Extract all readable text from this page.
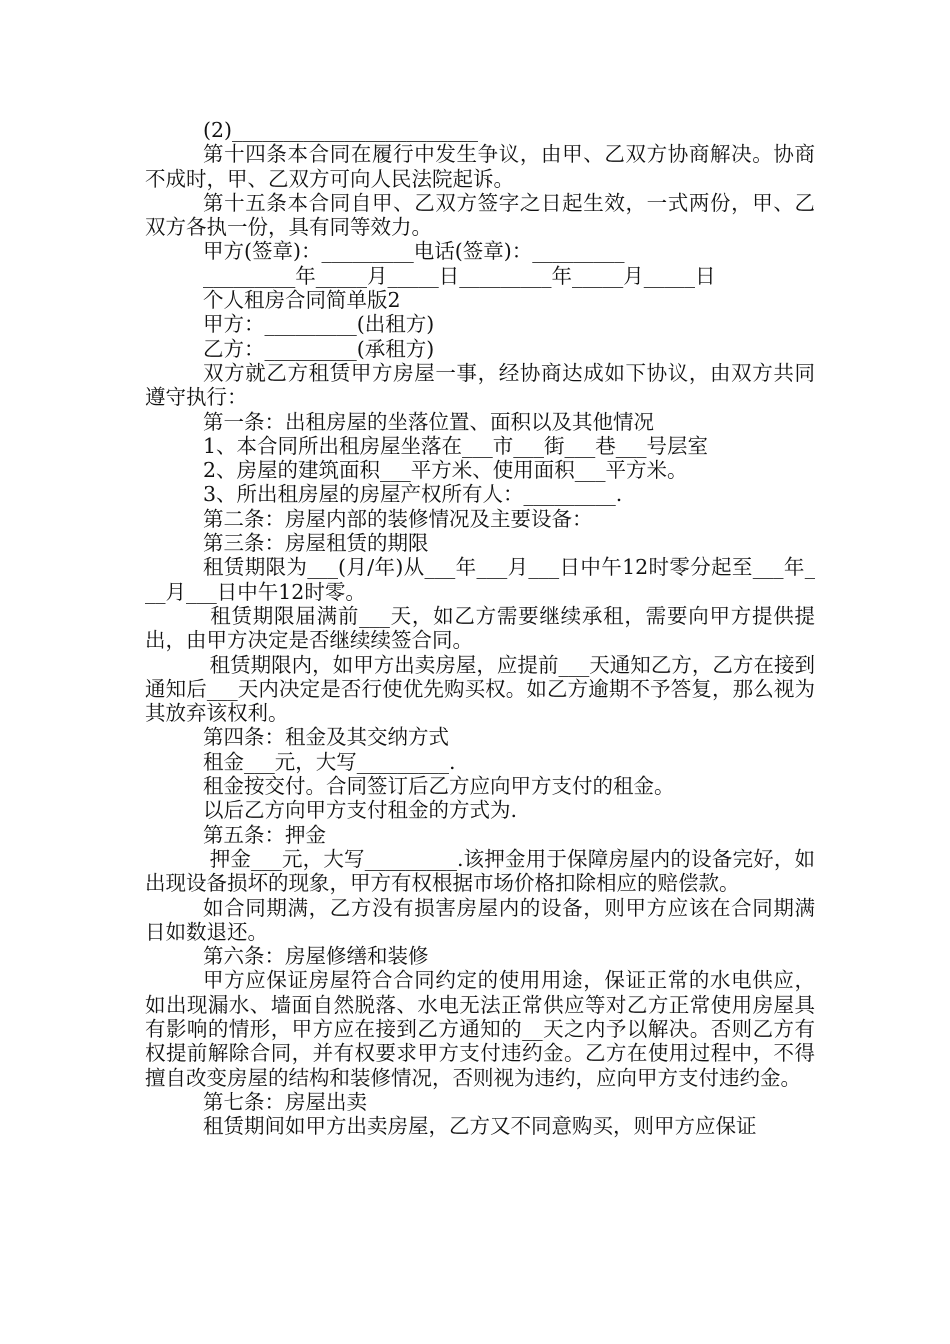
(2)________________________

第十四条本合同在履行中发生争议，由甲、乙双方协商解决。协商不成时，甲、乙双方可向人民法院起诉。

第十五条本合同自甲、乙双方签字之日起生效，一式两份，甲、乙双方各执一份，具有同等效力。

甲方(签章)：_________电话(签章)：_________

_________年_____月_____日_________年_____月_____日

个人租房合同简单版2

甲方：_________(出租方)

乙方：_________(承租方)

双方就乙方租赁甲方房屋一事，经协商达成如下协议，由双方共同遵守执行：

第一条：出租房屋的坐落位置、面积以及其他情况

1、本合同所出租房屋坐落在___市___街___巷___号层室

2、房屋的建筑面积___平方米、使用面积___平方米。

3、所出租房屋的房屋产权所有人：_________.

第二条：房屋内部的装修情况及主要设备：

第三条：房屋租赁的期限

租赁期限为___(月/年)从___年___月___日中午12时零分起至___年___月___日中午12时零。

租赁期限届满前___天，如乙方需要继续承租，需要向甲方提供提出，由甲方决定是否继续续签合同。

租赁期限内，如甲方出卖房屋，应提前___天通知乙方，乙方在接到通知后___天内决定是否行使优先购买权。如乙方逾期不予答复，那么视为其放弃该权利。

第四条：租金及其交纳方式

租金___元，大写_________.

租金按交付。合同签订后乙方应向甲方支付的租金。

以后乙方向甲方支付租金的方式为.

第五条：押金

押金___元，大写_________.该押金用于保障房屋内的设备完好，如出现设备损坏的现象，甲方有权根据市场价格扣除相应的赔偿款。

如合同期满，乙方没有损害房屋内的设备，则甲方应该在合同期满日如数退还。

第六条：房屋修缮和装修

甲方应保证房屋符合合同约定的使用用途，保证正常的水电供应，如出现漏水、墙面自然脱落、水电无法正常供应等对乙方正常使用房屋具有影响的情形，甲方应在接到乙方通知的__天之内予以解决。否则乙方有权提前解除合同，并有权要求甲方支付违约金。乙方在使用过程中，不得擅自改变房屋的结构和装修情况，否则视为违约，应向甲方支付违约金。

第七条：房屋出卖

租赁期间如甲方出卖房屋，乙方又不同意购买，则甲方应保证
